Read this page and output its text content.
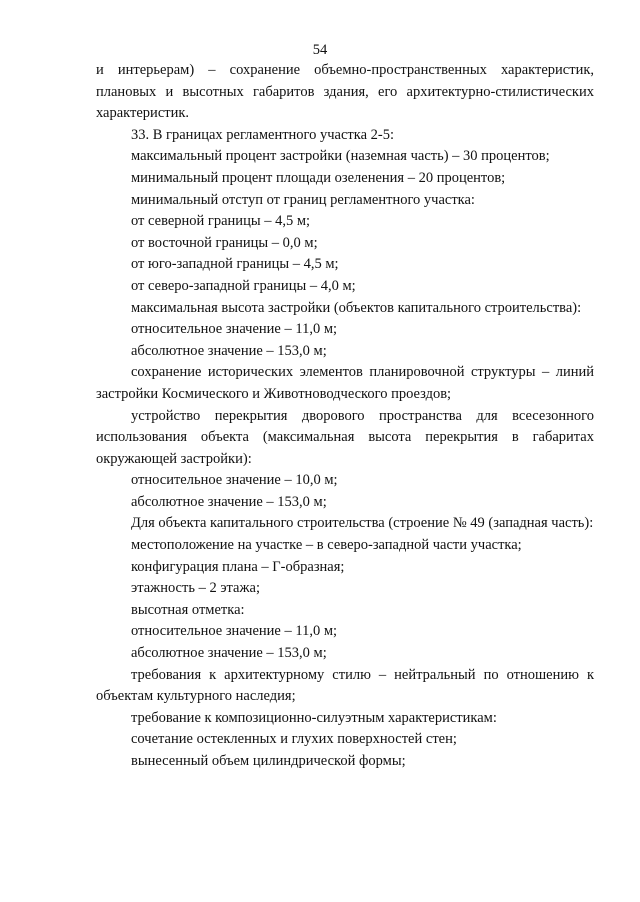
54

и интерьерам) – сохранение объемно-пространственных характеристик, плановых и высотных габаритов здания, его архитектурно-стилистических характеристик.

33. В границах регламентного участка 2-5:

максимальный процент застройки (наземная часть) – 30 процентов;

минимальный процент площади озеленения – 20 процентов;

минимальный отступ от границ регламентного участка:

от северной границы – 4,5 м;

от восточной границы – 0,0 м;

от юго-западной границы – 4,5 м;

от северо-западной границы – 4,0 м;

максимальная высота застройки (объектов капитального строительства):

относительное значение – 11,0 м;

абсолютное значение – 153,0 м;

сохранение исторических элементов планировочной структуры – линий застройки Космического и Животноводческого проездов;

устройство перекрытия дворового пространства для всесезонного использования объекта (максимальная высота перекрытия в габаритах окружающей застройки):

относительное значение – 10,0 м;

абсолютное значение – 153,0 м;

Для объекта капитального строительства (строение № 49 (западная часть):

местоположение на участке – в северо-западной части участка;

конфигурация плана – Г-образная;

этажность – 2 этажа;

высотная отметка:

относительное значение – 11,0 м;

абсолютное значение – 153,0 м;

требования к архитектурному стилю – нейтральный по отношению к объектам культурного наследия;

требование к композиционно-силуэтным характеристикам:

сочетание остекленных и глухих поверхностей стен;

вынесенный объем цилиндрической формы;
